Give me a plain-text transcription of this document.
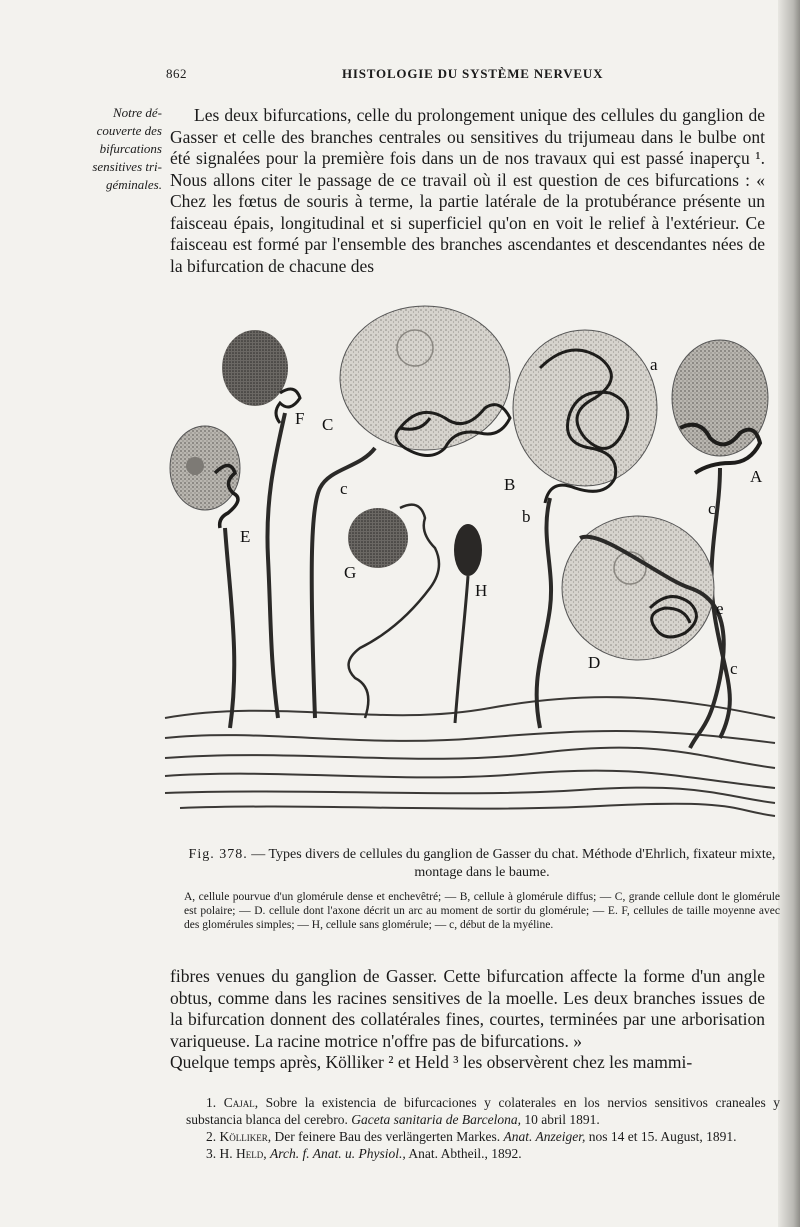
862	HISTOLOGIE DU SYSTÈME NERVEUX
Notre dé-
couverte des
bifurcations
sensitives tri-
géminales.

Les deux bifurcations, celle du prolongement unique des cellules du ganglion de Gasser et celle des branches centrales ou sensitives du trijumeau dans le bulbe ont été signalées pour la première fois dans un de nos travaux qui est passé inaperçu ¹. Nous allons citer le passage de ce travail où il est question de ces bifurcations : « Chez les fœtus de souris à terme, la partie latérale de la protubérance présente un faisceau épais, longitudinal et si superficiel qu'on en voit le relief à l'extérieur. Ce faisceau est formé par l'ensemble des branches ascendantes et descendantes nées de la bifurcation de chacune des

F C
E
c
G
H
a
B
b
A
c
e
D	c
Fig. 378. — Types divers de cellules du ganglion de Gasser du chat. Méthode d'Ehrlich, fixateur mixte, montage dans le baume.
A, cellule pourvue d'un glomérule dense et enchevêtré; — B, cellule à glomérule diffus; — C, grande cellule dont le glomérule est polaire; — D. cellule dont l'axone décrit un arc au moment de sortir du glomérule; — E. F, cellules de taille moyenne avec des glomérules simples; — H, cellule sans glomérule; — c, début de la myéline.

fibres venues du ganglion de Gasser. Cette bifurcation affecte la forme d'un angle obtus, comme dans les racines sensitives de la moelle. Les deux branches issues de la bifurcation donnent des collatérales fines, courtes, terminées par une arborisation variqueuse. La racine motrice n'offre pas de bifurcations. »

Quelque temps après, Kölliker ² et Held ³ les observèrent chez les mammi-

1. Cajal, Sobre la existencia de bifurcaciones y colaterales en los nervios sensitivos craneales y substancia blanca del cerebro. Gaceta sanitaria de Barcelona, 10 abril 1891.

2. Kölliker, Der feinere Bau des verlängerten Markes. Anat. Anzeiger, nos 14 et 15. August, 1891.

3. H. Held, Arch. f. Anat. u. Physiol., Anat. Abtheil., 1892.
